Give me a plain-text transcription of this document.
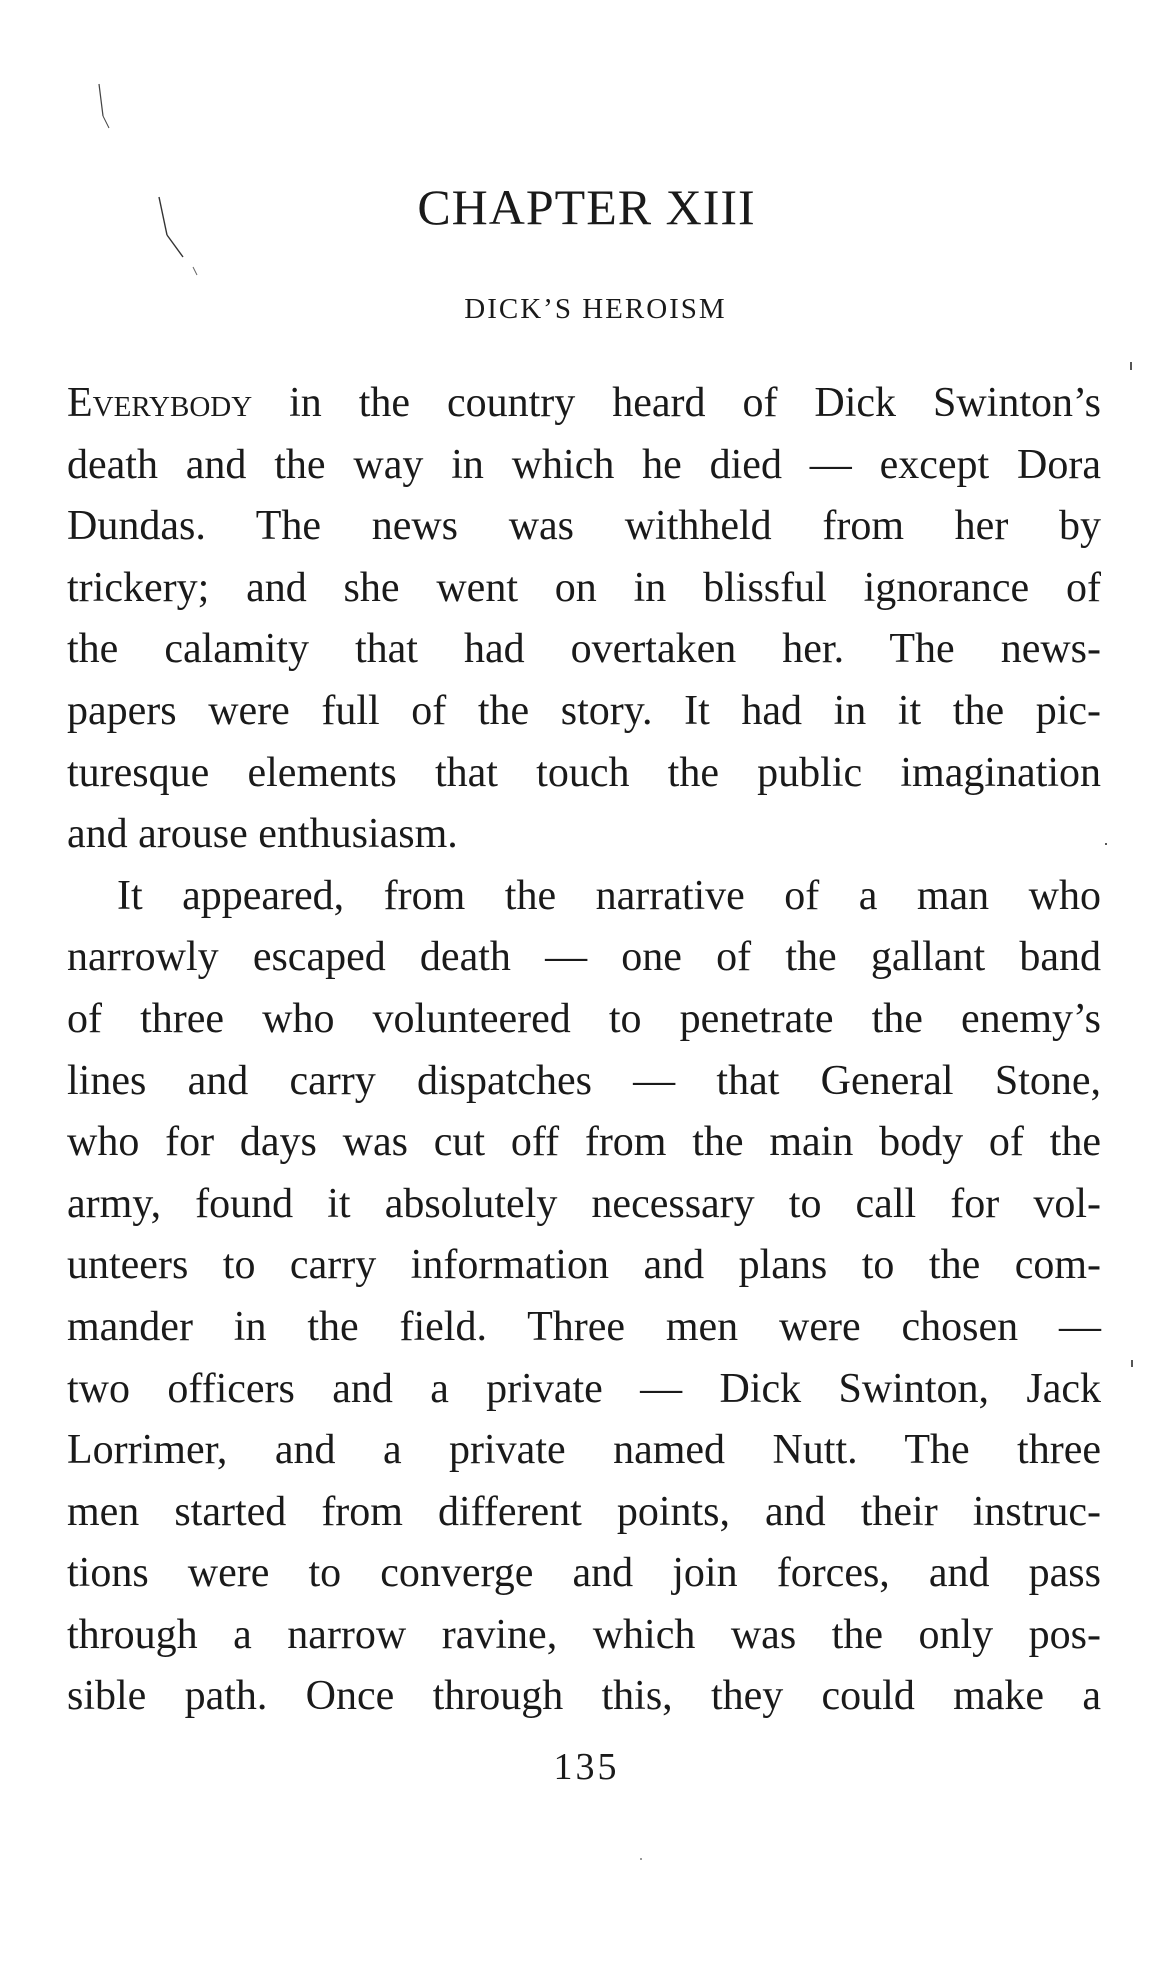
CHAPTER XIII
DICK’S HEROISM
Everybody in the country heard of Dick Swinton’s
death and the way in which he died — except Dora
Dundas. The news was withheld from her by
trickery; and she went on in blissful ignorance of
the calamity that had overtaken her. The news-
papers were full of the story. It had in it the pic-
turesque elements that touch the public imagination
and arouse enthusiasm.
It appeared, from the narrative of a man who
narrowly escaped death — one of the gallant band
of three who volunteered to penetrate the enemy’s
lines and carry dispatches — that General Stone,
who for days was cut off from the main body of the
army, found it absolutely necessary to call for vol-
unteers to carry information and plans to the com-
mander in the field. Three men were chosen —
two officers and a private — Dick Swinton, Jack
Lorrimer, and a private named Nutt. The three
men started from different points, and their instruc-
tions were to converge and join forces, and pass
through a narrow ravine, which was the only pos-
sible path. Once through this, they could make a
135
